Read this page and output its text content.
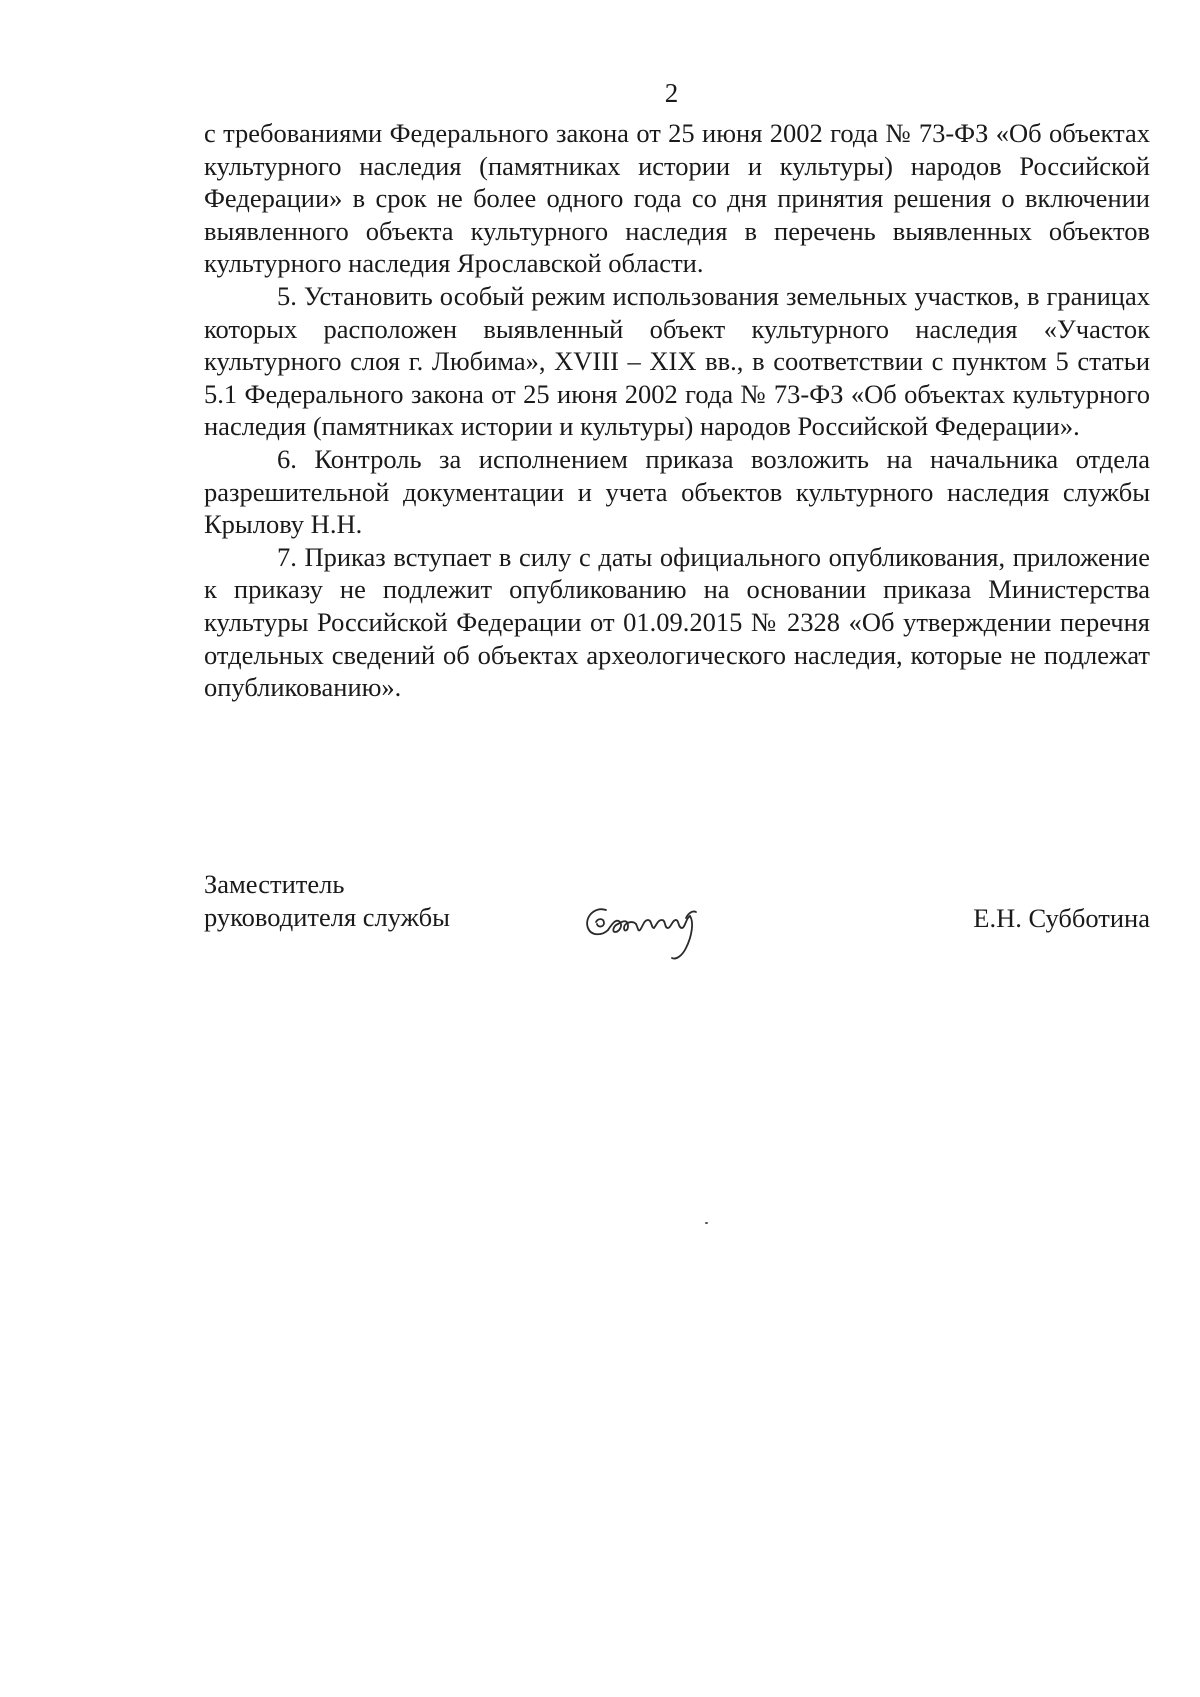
2

с требованиями Федерального закона от 25 июня 2002 года № 73-ФЗ «Об объектах культурного наследия (памятниках истории и культуры) народов Российской Федерации» в срок не более одного года со дня принятия решения о включении выявленного объекта культурного наследия в перечень выявленных объектов культурного наследия Ярославской области.

5. Установить особый режим использования земельных участков, в границах которых расположен выявленный объект культурного наследия «Участок культурного слоя г. Любима», XVIII – XIX вв., в соответствии с пунктом 5 статьи 5.1 Федерального закона от 25 июня 2002 года № 73-ФЗ «Об объектах культурного наследия (памятниках истории и культуры) народов Российской Федерации».

6. Контроль за исполнением приказа возложить на начальника отдела разрешительной документации и учета объектов культурного наследия службы Крылову Н.Н.

7. Приказ вступает в силу с даты официального опубликования, приложение к приказу не подлежит опубликованию на основании приказа Министерства культуры Российской Федерации от 01.09.2015 № 2328 «Об утверждении перечня отдельных сведений об объектах археологического наследия, которые не подлежат опубликованию».

Заместитель
руководителя службы	Е.Н. Субботина
